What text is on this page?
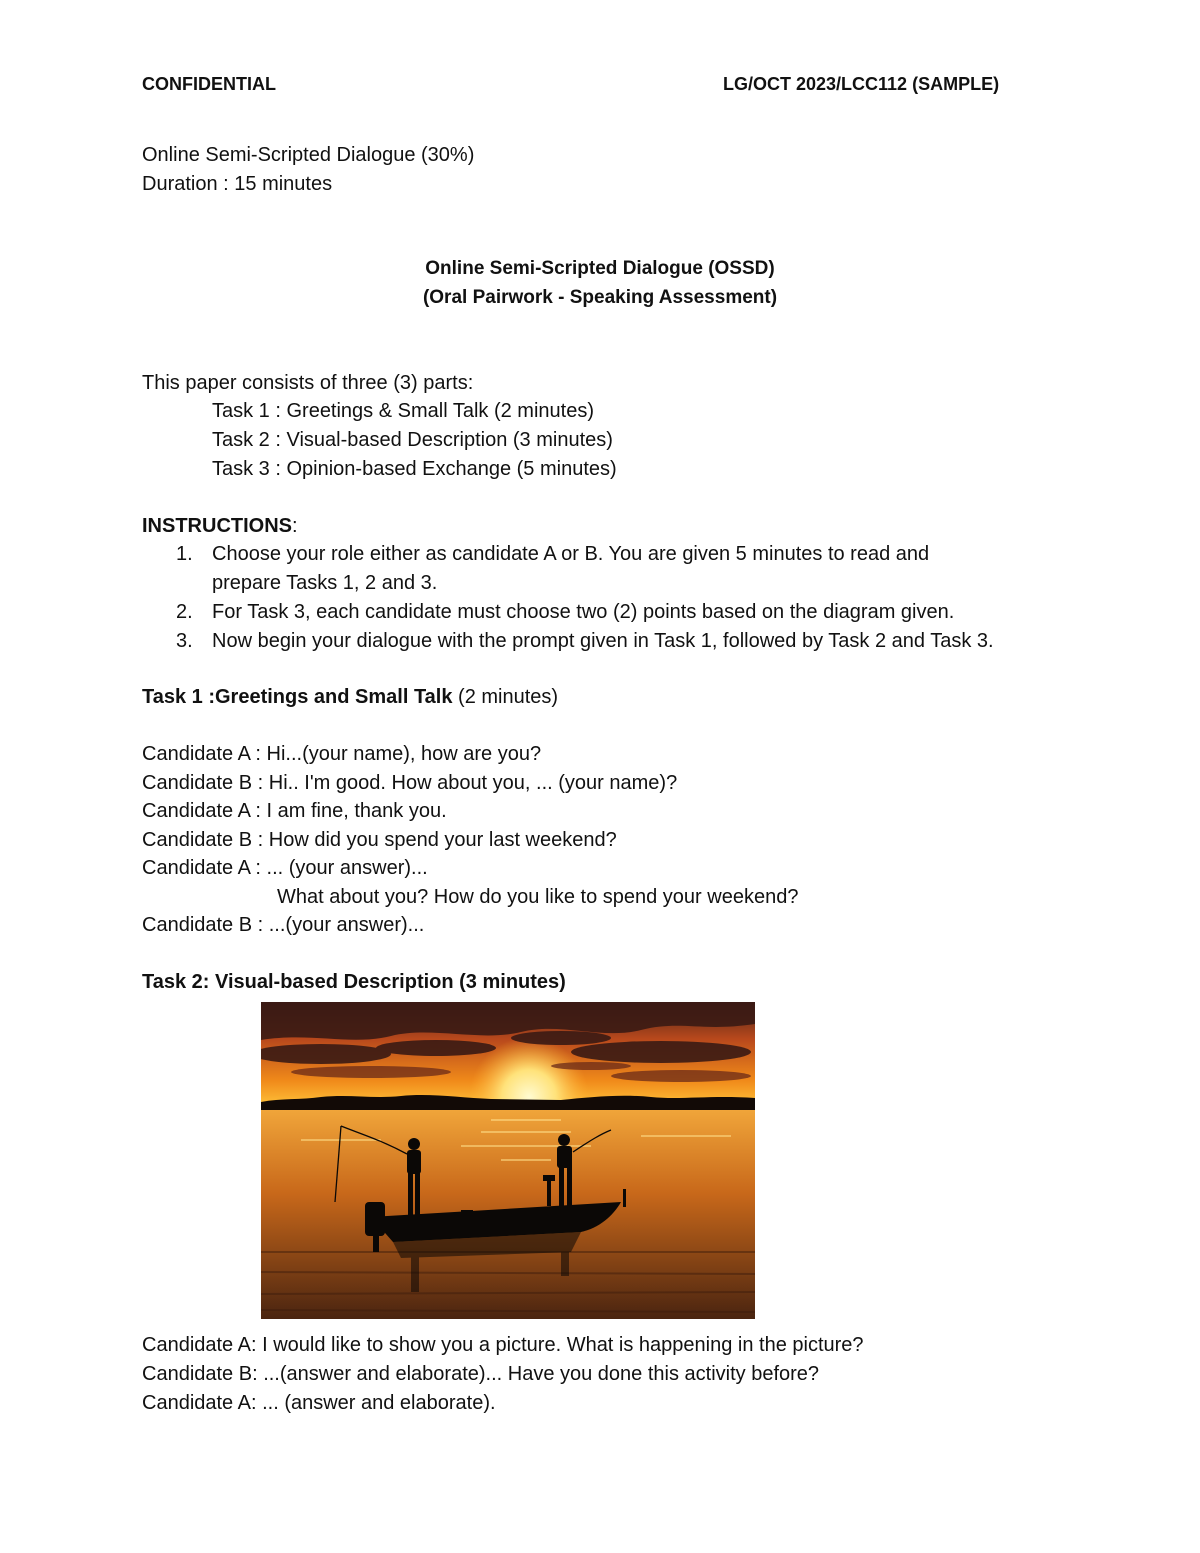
CONFIDENTIAL	LG/OCT 2023/LCC112 (SAMPLE)
Online Semi-Scripted Dialogue (30%)
Duration : 15 minutes
Online Semi-Scripted Dialogue (OSSD)
(Oral Pairwork - Speaking Assessment)
This paper consists of three (3) parts:
Task 1 : Greetings & Small Talk (2 minutes)
Task 2 : Visual-based Description (3 minutes)
Task 3 : Opinion-based Exchange (5 minutes)
INSTRUCTIONS:
1. Choose your role either as candidate A or B. You are given 5 minutes to read and
prepare Tasks 1, 2 and 3.
2. For Task 3, each candidate must choose two (2) points based on the diagram given.
3. Now begin your dialogue with the prompt given in Task 1, followed by Task 2 and Task 3.
Task 1 :Greetings and Small Talk (2 minutes)
Candidate A : Hi...(your name), how are you?
Candidate B : Hi.. I'm good. How about you, ... (your name)?
Candidate A : I am fine, thank you.
Candidate B : How did you spend your last weekend?
Candidate A : ... (your answer)...
What about you? How do you like to spend your weekend?
Candidate B : ...(your answer)...
Task 2: Visual-based Description (3 minutes)
Candidate A: I would like to show you a picture. What is happening in the picture?
Candidate B: ...(answer and elaborate)... Have you done this activity before?
Candidate A: ... (answer and elaborate).
